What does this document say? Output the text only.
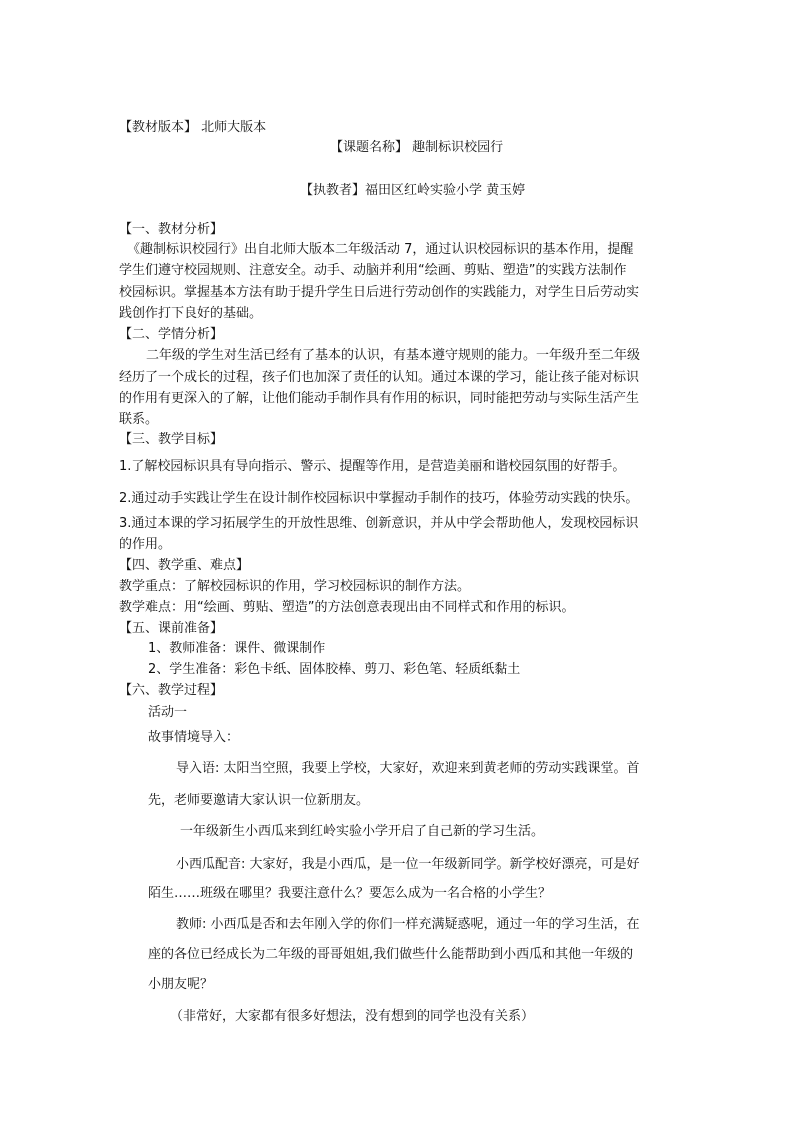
【教材版本】 北师大版本
【课题名称】 趣制标识校园行
【执教者】福田区红岭实验小学 黄玉婷
【一、教材分析】
《趣制标识校园行》出自北师大版本二年级活动 7，通过认识校园标识的基本作用，提醒
学生们遵守校园规则、注意安全。动手、动脑并利用“绘画、剪贴、塑造”的实践方法制作
校园标识。掌握基本方法有助于提升学生日后进行劳动创作的实践能力，对学生日后劳动实
践创作打下良好的基础。
【二、学情分析】
二年级的学生对生活已经有了基本的认识，有基本遵守规则的能力。一年级升至二年级
经历了一个成长的过程，孩子们也加深了责任的认知。通过本课的学习，能让孩子能对标识
的作用有更深入的了解，让他们能动手制作具有作用的标识，同时能把劳动与实际生活产生
联系。
【三、教学目标】
1.了解校园标识具有导向指示、警示、提醒等作用，是营造美丽和谐校园氛围的好帮手。
2.通过动手实践让学生在设计制作校园标识中掌握动手制作的技巧，体验劳动实践的快乐。
3.通过本课的学习拓展学生的开放性思维、创新意识，并从中学会帮助他人，发现校园标识
的作用。
【四、教学重、难点】
教学重点：了解校园标识的作用，学习校园标识的制作方法。
教学难点：用“绘画、剪贴、塑造”的方法创意表现出由不同样式和作用的标识。
【五、课前准备】
1、教师准备：课件、微课制作
2、学生准备：彩色卡纸、固体胶棒、剪刀、彩色笔、轻质纸黏土
【六、教学过程】
活动一
故事情境导入：
导入语: 太阳当空照，我要上学校，大家好，欢迎来到黄老师的劳动实践课堂。首
先，老师要邀请大家认识一位新朋友。
一年级新生小西瓜来到红岭实验小学开启了自己新的学习生活。
小西瓜配音: 大家好，我是小西瓜，是一位一年级新同学。新学校好漂亮，可是好
陌生……班级在哪里？我要注意什么？要怎么成为一名合格的小学生？
教师: 小西瓜是否和去年刚入学的你们一样充满疑惑呢，通过一年的学习生活，在
座的各位已经成长为二年级的哥哥姐姐,我们做些什么能帮助到小西瓜和其他一年级的
小朋友呢？
（非常好，大家都有很多好想法，没有想到的同学也没有关系）
